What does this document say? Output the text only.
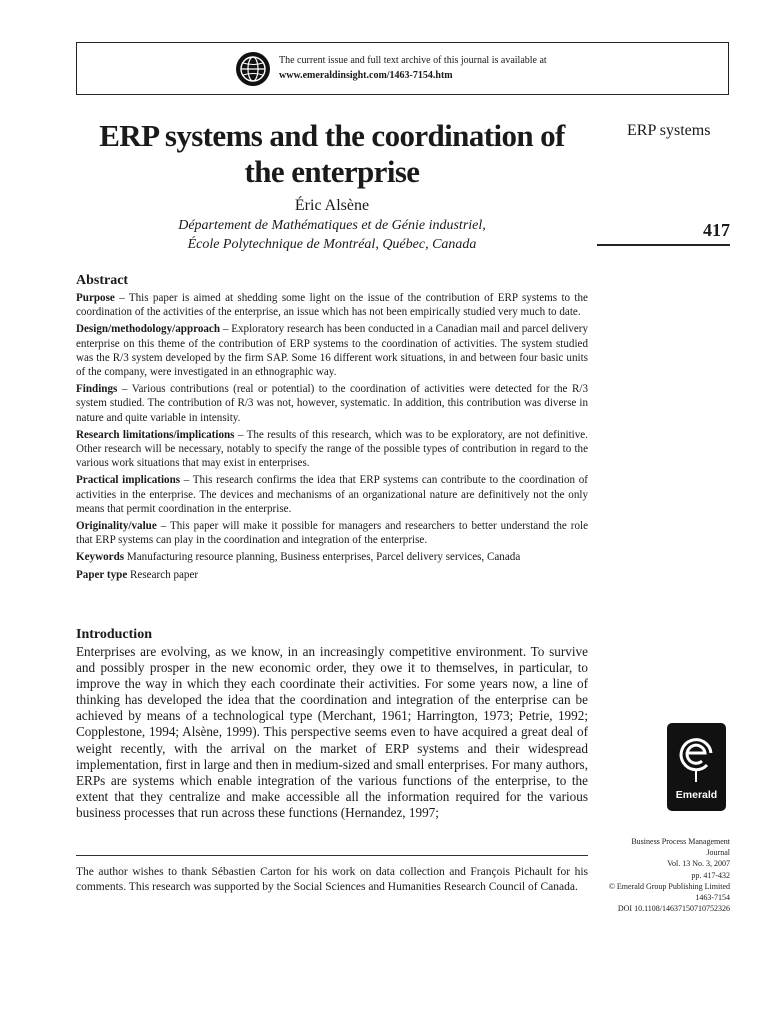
The current issue and full text archive of this journal is available at
www.emeraldinsight.com/1463-7154.htm
ERP systems and the coordination of the enterprise
Éric Alsène
Département de Mathématiques et de Génie industriel,
École Polytechnique de Montréal, Québec, Canada
ERP systems
417
Abstract

Purpose – This paper is aimed at shedding some light on the issue of the contribution of ERP systems to the coordination of the activities of the enterprise, an issue which has not been empirically studied very much to date.

Design/methodology/approach – Exploratory research has been conducted in a Canadian mail and parcel delivery enterprise on this theme of the contribution of ERP systems to the coordination of activities. The system studied was the R/3 system developed by the firm SAP. Some 16 different work situations, in and between four basic units of the company, were investigated in an ethnographic way.

Findings – Various contributions (real or potential) to the coordination of activities were detected for the R/3 system studied. The contribution of R/3 was not, however, systematic. In addition, this contribution was diverse in nature and quite variable in intensity.

Research limitations/implications – The results of this research, which was to be exploratory, are not definitive. Other research will be necessary, notably to specify the range of the possible types of contribution in regard to the various work situations that may exist in enterprises.

Practical implications – This research confirms the idea that ERP systems can contribute to the coordination of activities in the enterprise. The devices and mechanisms of an organizational nature are definitively not the only means that permit coordination in the enterprise.

Originality/value – This paper will make it possible for managers and researchers to better understand the role that ERP systems can play in the coordination and integration of the enterprise.

Keywords Manufacturing resource planning, Business enterprises, Parcel delivery services, Canada

Paper type Research paper

Introduction

Enterprises are evolving, as we know, in an increasingly competitive environment. To survive and possibly prosper in the new economic order, they owe it to themselves, in particular, to improve the way in which they each coordinate their activities. For some years now, a line of thinking has developed the idea that the coordination and integration of the enterprise can be achieved by means of a technological type (Merchant, 1961; Harrington, 1973; Petrie, 1992; Copplestone, 1994; Alsène, 1999). This perspective seems even to have acquired a great deal of weight recently, with the arrival on the market of ERP systems and their widespread implementation, first in large and then in medium-sized and small enterprises. For many authors, ERPs are systems which enable integration of the various functions of the enterprise, to the extent that they centralize and make accessible all the information required for the various business processes that run across these functions (Hernandez, 1997;

The author wishes to thank Sébastien Carton for his work on data collection and François Pichault for his comments. This research was supported by the Social Sciences and Humanities Research Council of Canada.

Emerald
Business Process Management
Journal
Vol. 13 No. 3, 2007
pp. 417-432
© Emerald Group Publishing Limited
1463-7154
DOI 10.1108/14637150710752326
